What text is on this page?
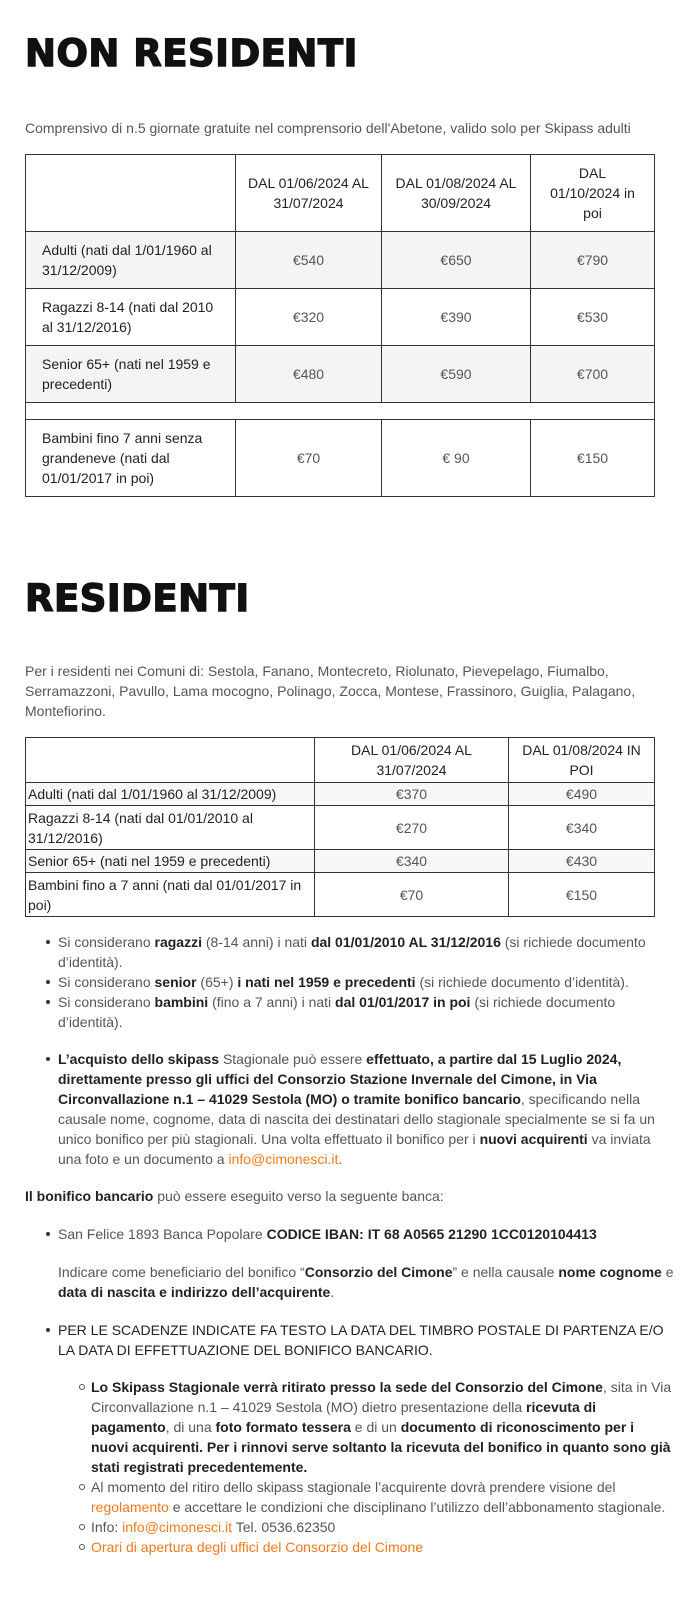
NON RESIDENTI

Comprensivo di n.5 giornate gratuite nel comprensorio dell'Abetone, valido solo per Skipass adulti

	DAL 01/06/2024 AL 31/07/2024	DAL 01/08/2024 AL 30/09/2024	DAL 01/10/2024 in poi
Adulti (nati dal 1/01/1960 al 31/12/2009)	€540	€650	€790
Ragazzi 8-14 (nati dal 2010 al 31/12/2016)	€320	€390	€530
Senior 65+ (nati nel 1959 e precedenti)	€480	€590	€700

Bambini fino 7 anni senza grandeneve (nati dal 01/01/2017 in poi)	€70	€ 90	€150
RESIDENTI

Per i residenti nei Comuni di: Sestola, Fanano, Montecreto, Riolunato, Pievepelago, Fiumalbo, Serramazzoni, Pavullo, Lama mocogno, Polinago, Zocca, Montese, Frassinoro, Guiglia, Palagano, Montefiorino.

	DAL 01/06/2024 AL 31/07/2024	DAL 01/08/2024 IN POI
Adulti (nati dal 1/01/1960 al 31/12/2009)	€370	€490
Ragazzi 8-14 (nati dal 01/01/2010 al 31/12/2016)	€270	€340
Senior 65+ (nati nel 1959 e precedenti)	€340	€430
Bambini fino a 7 anni (nati dal 01/01/2017 in poi)	€70	€150
Si considerano ragazzi (8-14 anni) i nati dal 01/01/2010 AL 31/12/2016 (si richiede documento d’identità).
Si considerano senior (65+) i nati nel 1959 e precedenti (si richiede documento d’identità).
Si considerano bambini (fino a 7 anni) i nati dal 01/01/2017 in poi (si richiede documento d’identità).
L’acquisto dello skipass Stagionale può essere effettuato, a partire dal 15 Luglio 2024, direttamente presso gli uffici del Consorzio Stazione Invernale del Cimone, in Via Circonvallazione n.1 – 41029 Sestola (MO) o tramite bonifico bancario, specificando nella causale nome, cognome, data di nascita dei destinatari dello stagionale specialmente se si fa un unico bonifico per più stagionali. Una volta effettuato il bonifico per i nuovi acquirenti va inviata una foto e un documento a info@cimonesci.it.

Il bonifico bancario può essere eseguito verso la seguente banca:

San Felice 1893 Banca Popolare CODICE IBAN: IT 68 A0565 21290 1CC0120104413
Indicare come beneficiario del bonifico “Consorzio del Cimone” e nella causale nome cognome e data di nascita e indirizzo dell’acquirente.
PER LE SCADENZE INDICATE FA TESTO LA DATA DEL TIMBRO POSTALE DI PARTENZA E/O LA DATA DI EFFETTUAZIONE DEL BONIFICO BANCARIO.
Lo Skipass Stagionale verrà ritirato presso la sede del Consorzio del Cimone, sita in Via Circonvallazione n.1 – 41029 Sestola (MO) dietro presentazione della ricevuta di pagamento, di una foto formato tessera e di un documento di riconoscimento per i nuovi acquirenti. Per i rinnovi serve soltanto la ricevuta del bonifico in quanto sono già stati registrati precedentemente.
Al momento del ritiro dello skipass stagionale l’acquirente dovrà prendere visione del regolamento e accettare le condizioni che disciplinano l’utilizzo dell’abbonamento stagionale.
Info: info@cimonesci.it Tel. 0536.62350
Orari di apertura degli uffici del Consorzio del Cimone
